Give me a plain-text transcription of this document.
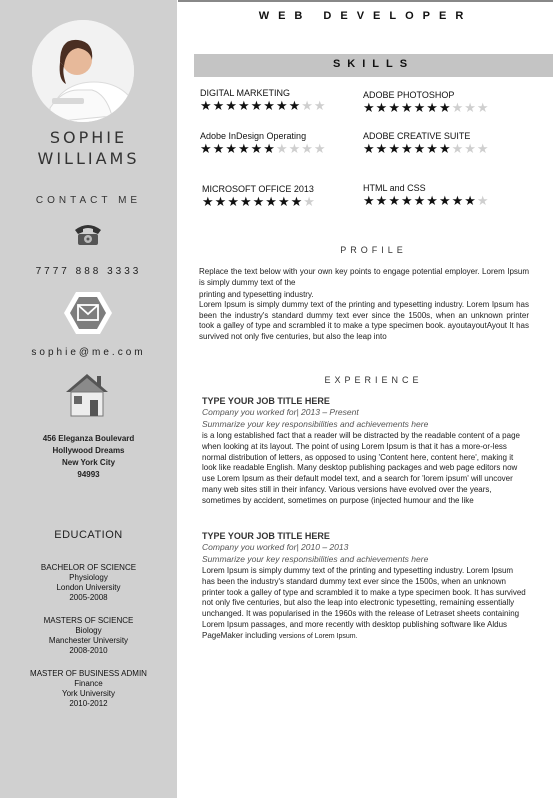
SOPHIE
WILLIAMS
CONTACT ME
7777 888 3333
sophie@me.com
456 Eleganza Boulevard
Hollywood Dreams
New York City
94993
EDUCATION
BACHELOR OF SCIENCE
Physiology
London University
2005-2008
MASTERS OF SCIENCE
Biology
Manchester University
2008-2010
MASTER OF BUSINESS ADMIN
Finance
York University
2010-2012
WEB DEVELOPER
SKILLS
DIGITAL MARKETING
★★★★★★★★★★
ADOBE PHOTOSHOP
★★★★★★★★★★
Adobe InDesign Operating
★★★★★★★★★★
ADOBE CREATIVE SUITE
★★★★★★★★★★
MICROSOFT OFFICE 2013
★★★★★★★★★
HTML and CSS
★★★★★★★★★★
PROFILE
Replace the text below with your own key points to engage potential employer. Lorem Ipsum is simply dummy text of the
printing and typesetting industry.
Lorem Ipsum is simply dummy text of the printing and typesetting industry. Lorem Ipsum has been the industry's standard dummy text ever since the 1500s, when an unknown printer took a galley of type and scrambled it to make a type specimen book. ayoutayoutAyout It has survived not only five centuries, but also the leap into
EXPERIENCE
TYPE YOUR JOB TITLE HERE
Company you worked for| 2013 – Present
Summarize your key responsibilities and achievements here
is a long established fact that a reader will be distracted by the readable content of a page when looking at its layout. The point of using Lorem Ipsum is that it has a more-or-less normal distribution of letters, as opposed to using 'Content here, content here', making it look like readable English. Many desktop publishing packages and web page editors now use Lorem Ipsum as their default model text, and a search for 'lorem ipsum' will uncover many web sites still in their infancy. Various versions have evolved over the years, sometimes by accident, sometimes on purpose (injected humour and the like
TYPE YOUR JOB TITLE HERE
Company you worked for| 2010 – 2013
Summarize your key responsibilities and achievements here
Lorem Ipsum is simply dummy text of the printing and typesetting industry. Lorem Ipsum has been the industry's standard dummy text ever since the 1500s, when an unknown printer took a galley of type and scrambled it to make a type specimen book. It has survived not only five centuries, but also the leap into electronic typesetting, remaining essentially unchanged. It was popularised in the 1960s with the release of Letraset sheets containing Lorem Ipsum passages, and more recently with desktop publishing software like Aldus PageMaker including versions of Lorem Ipsum.
